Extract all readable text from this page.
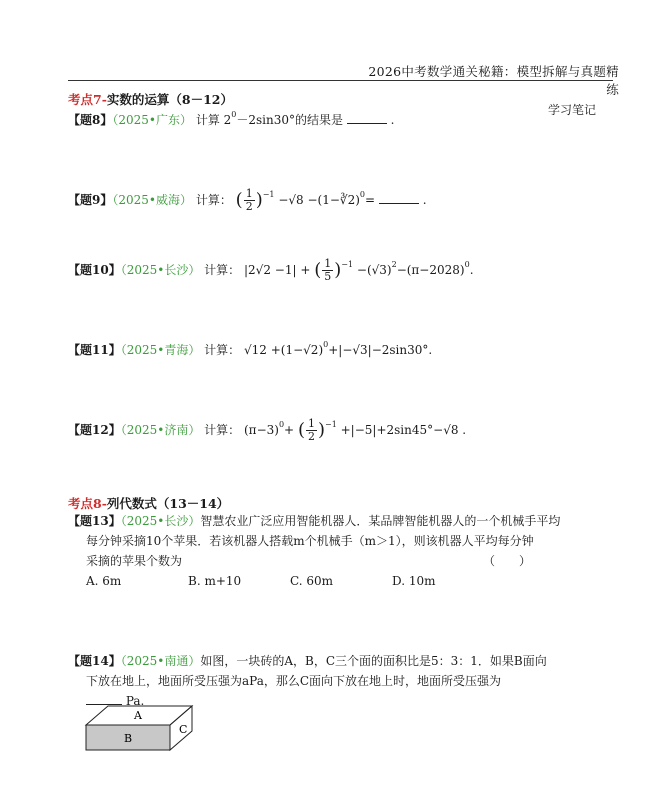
2026中考数学通关秘籍：模型拆解与真题精练
学习笔记
考点7-实数的运算（8－12）
【题8】（2025•广东） 计算 $2^0-2\sin 30^\circ$的结果是	.
【题9】（2025•威海） 计算： ( $\frac{1}{2} )^{-1} -√8$ −(1−∛2)$^0$=	.
【题10】（2025•长沙） 计算： |2√2 −1| + ( $\frac{1}{5} )^{-1} -(√3)^2-(\pi-2028)^0$.
【题11】（2025•青海） 计算： $√12 +(1-√2)^0+|-√3|-2\sin 30^\circ$.
【题12】（2025•济南） 计算： $(\pi-3)^0+$ ( $\frac{1}{2} )^{-1} +|-5|+2\sin 45^\circ-√8$ .
考点8-列代数式（13－14）
【题13】（2025•长沙）智慧农业广泛应用智能机器人．某品牌智能机器人的一个机械手平均
每分钟采摘10个苹果．若该机器人搭载m个机械手（m＞1），则该机器人平均每分钟
采摘的苹果个数为	（　　）
A. 6m	B. m+10	C. 60m	D. 10m
【题14】（2025•南通）如图，一块砖的A，B，C三个面的面积比是5：3：1．如果B面向
下放在地上，地面所受压强为aPa，那么C面向下放在地上时，地面所受压强为
Pa.
A
B
C
